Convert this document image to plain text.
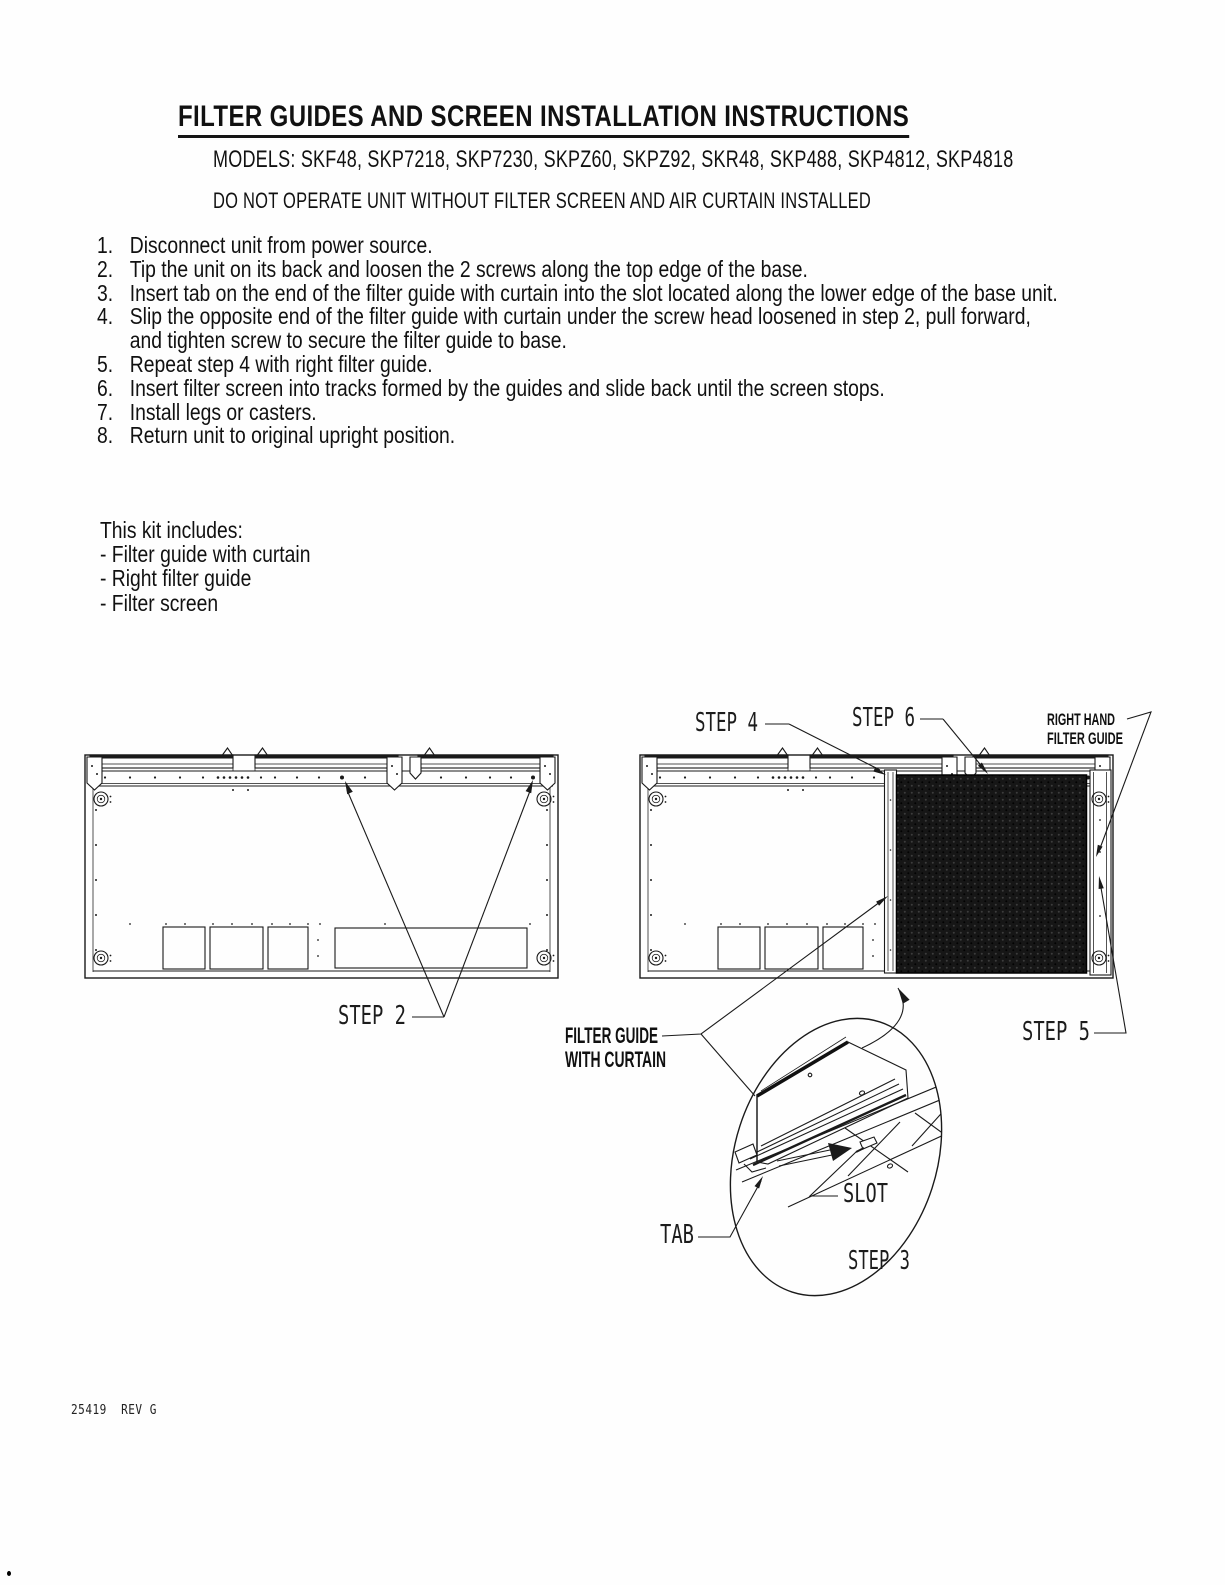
FILTER GUIDES AND SCREEN INSTALLATION INSTRUCTIONS
MODELS: SKF48, SKP7218, SKP7230, SKPZ60, SKPZ92, SKR48, SKP488, SKP4812, SKP4818
DO NOT OPERATE UNIT WITHOUT FILTER SCREEN AND AIR CURTAIN INSTALLED
1. Disconnect unit from power source.
2. Tip the unit on its back and loosen the 2 screws along the top edge of the base.
3. Insert tab on the end of the filter guide with curtain into the slot located along the lower edge of the base unit.
4. Slip the opposite end of the filter guide with curtain under the screw head loosened in step 2, pull forward, and tighten screw to secure the filter guide to base.
5. Repeat step 4 with right filter guide.
6. Insert filter screen into tracks formed by the guides and slide back until the screen stops.
7. Install legs or casters.
8. Return unit to original upright position.
This kit includes:
- Filter guide with curtain
- Right filter guide
- Filter screen
STEP 2
STEP 4	STEP 6
STEP 5
RIGHT HAND
FILTER GUIDE
FILTER GUIDE
WITH CURTAIN
SLOT
TAB
STEP 3
25419  REV G
